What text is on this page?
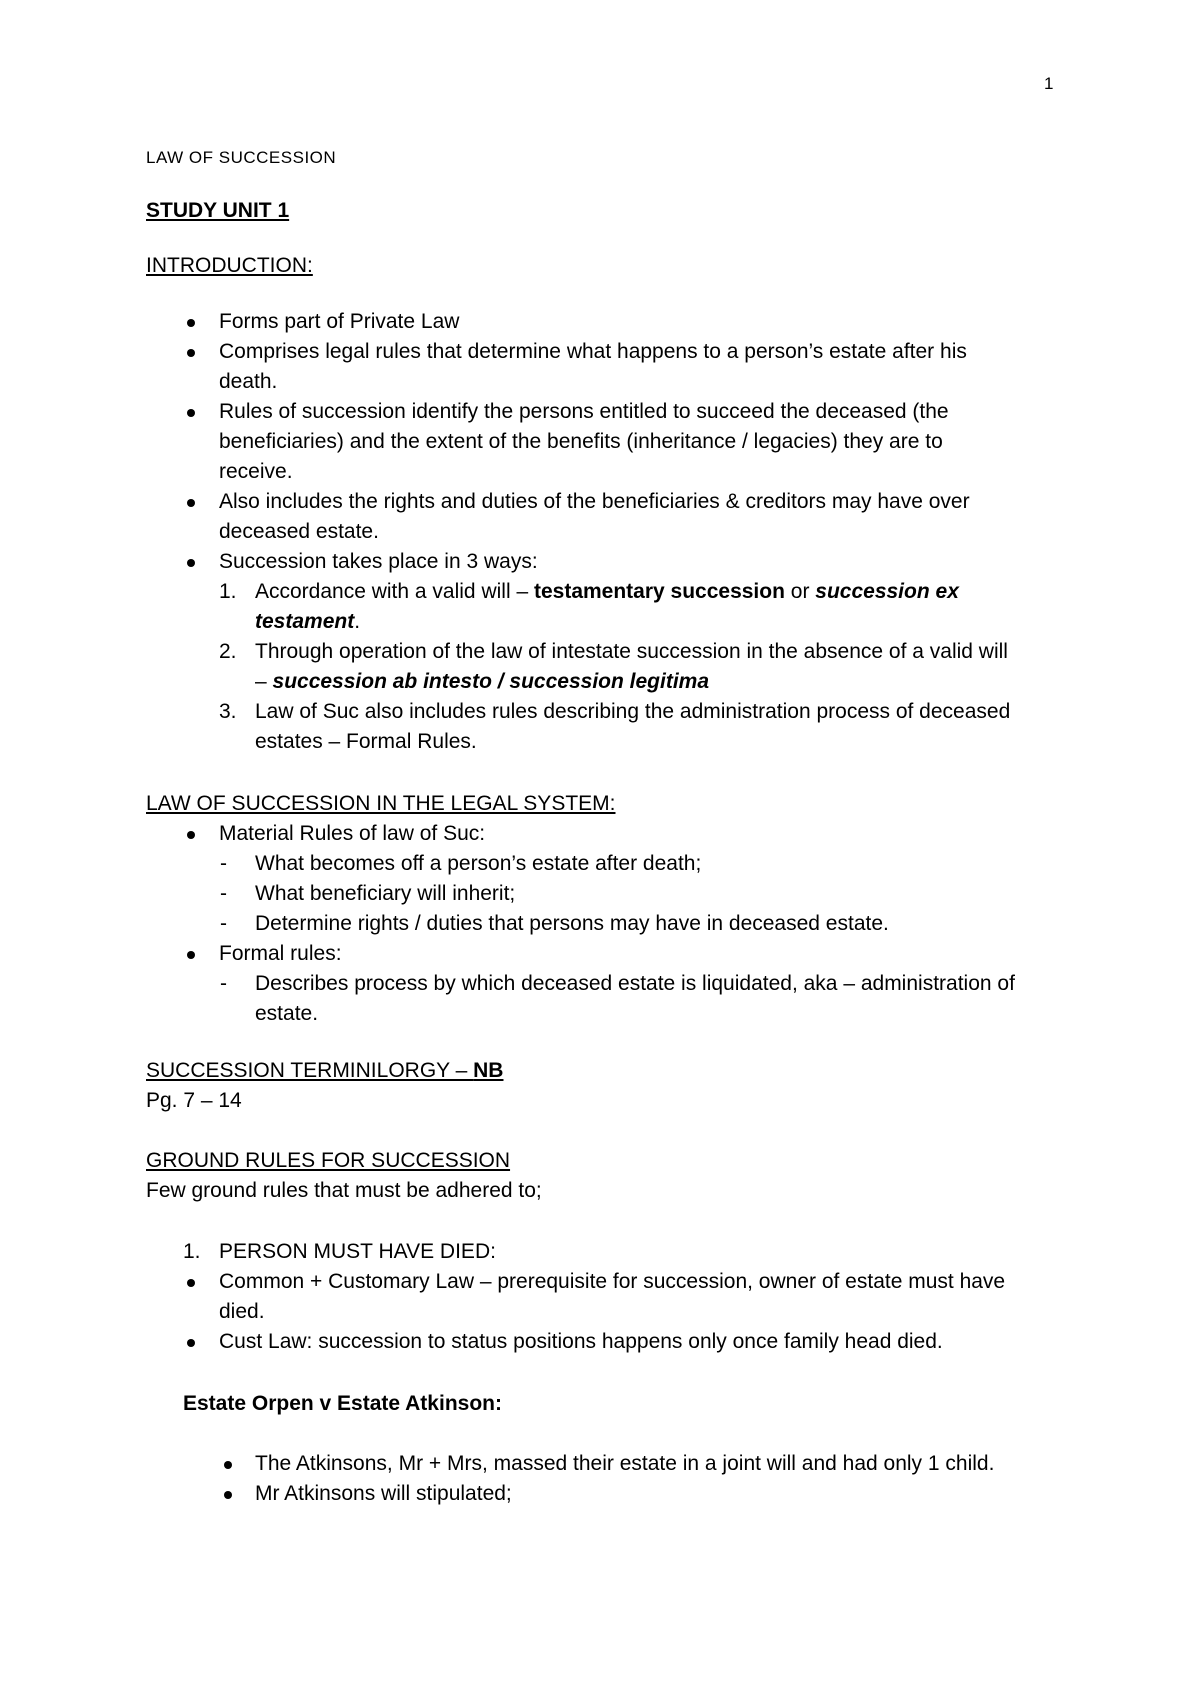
1
LAW OF SUCCESSION
STUDY UNIT 1
INTRODUCTION:
Forms part of Private Law
Comprises legal rules that determine what happens to a person’s estate after his
death.
Rules of succession identify the persons entitled to succeed the deceased (the
beneficiaries) and the extent of the benefits (inheritance / legacies) they are to
receive.
Also includes the rights and duties of the beneficiaries & creditors may have over
deceased estate.
Succession takes place in 3 ways:
1. Accordance with a valid will – testamentary succession or succession ex
testament.
2. Through operation of the law of intestate succession in the absence of a valid will
– succession ab intesto / succession legitima
3. Law of Suc also includes rules describing the administration process of deceased
estates – Formal Rules.
LAW OF SUCCESSION IN THE LEGAL SYSTEM:
Material Rules of law of Suc:
- What becomes off a person’s estate after death;
- What beneficiary will inherit;
- Determine rights / duties that persons may have in deceased estate.
Formal rules:
- Describes process by which deceased estate is liquidated, aka – administration of
estate.
SUCCESSION TERMINILORGY – NB
Pg. 7 – 14
GROUND RULES FOR SUCCESSION
Few ground rules that must be adhered to;
1. PERSON MUST HAVE DIED:
Common + Customary Law – prerequisite for succession, owner of estate must have
died.
Cust Law: succession to status positions happens only once family head died.
Estate Orpen v Estate Atkinson:
The Atkinsons, Mr + Mrs, massed their estate in a joint will and had only 1 child.
Mr Atkinsons will stipulated;
